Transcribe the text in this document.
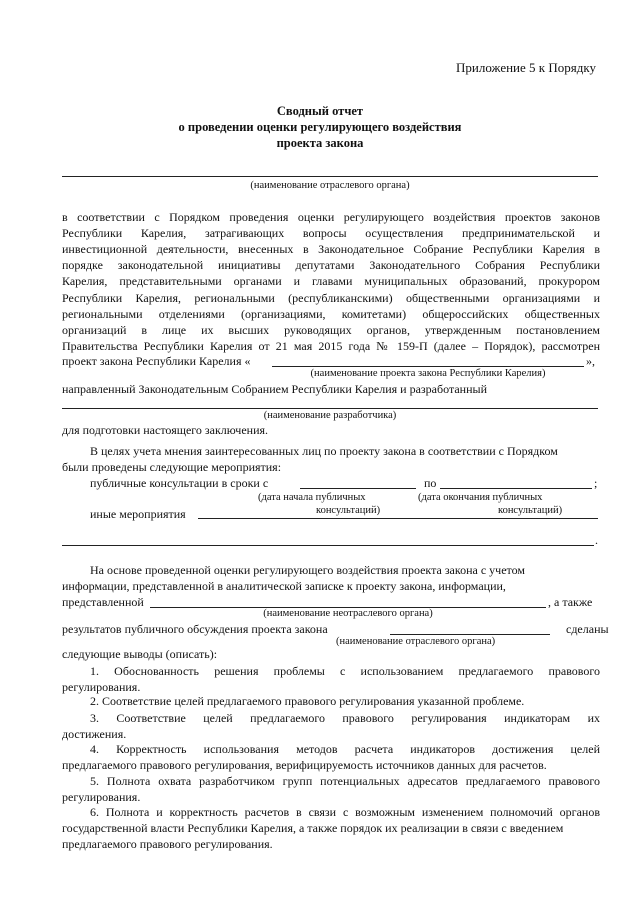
Приложение 5 к Порядку
Сводный отчет
о проведении оценки регулирующего воздействия
проекта закона
(наименование отраслевого органа)
в соответствии с Порядком проведения оценки регулирующего воздействия проектов законов
Республики Карелия, затрагивающих вопросы осуществления предпринимательской и
инвестиционной деятельности, внесенных в Законодательное Собрание Республики Карелия в
порядке законодательной инициативы депутатами Законодательного Собрания Республики
Карелия, представительными органами и главами муниципальных образований, прокурором
Республики Карелия, региональными (республиканскими) общественными организациями и
региональными отделениями (организациями, комитетами) общероссийских общественных
организаций в лице их высших руководящих органов, утвержденным постановлением
Правительства Республики Карелия от 21 мая 2015 года № 159-П (далее – Порядок), рассмотрен
проект закона Республики Карелия «	»,
(наименование проекта закона Республики Карелия)
направленный Законодательным Собранием Республики Карелия и разработанный
(наименование разработчика)
для подготовки настоящего заключения.
В целях учета мнения заинтересованных лиц по проекту закона в соответствии с Порядком
были проведены следующие мероприятия:
публичные консультации в сроки с	по	;
(дата начала публичных
консультаций)
(дата окончания публичных
консультаций)
иные мероприятия
.
На основе проведенной оценки регулирующего воздействия проекта закона с учетом
информации, представленной в аналитической записке к проекту закона, информации,
представленной	, а также
(наименование неотраслевого органа)
результатов публичного обсуждения проекта закона	сделаны
(наименование отраслевого органа)
следующие выводы (описать):
1. Обоснованность решения проблемы с использованием предлагаемого правового
регулирования.
2. Соответствие целей предлагаемого правового регулирования указанной проблеме.
3. Соответствие целей предлагаемого правового регулирования индикаторам их
достижения.
4. Корректность использования методов расчета индикаторов достижения целей
предлагаемого правового регулирования, верифицируемость источников данных для расчетов.
5. Полнота охвата разработчиком групп потенциальных адресатов предлагаемого правового
регулирования.
6. Полнота и корректность расчетов в связи с возможным изменением полномочий органов
государственной власти Республики Карелия, а также порядок их реализации в связи с введением
предлагаемого правового регулирования.
